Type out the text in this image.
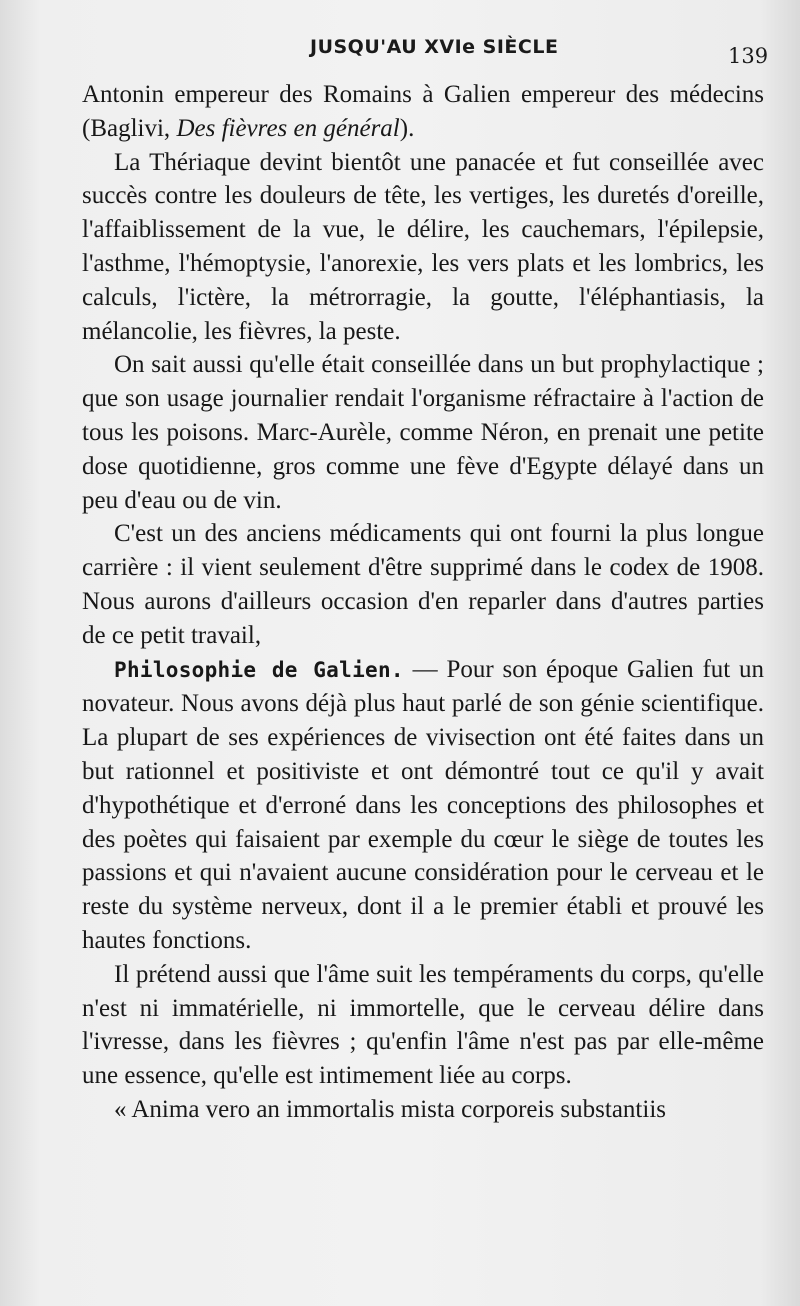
JUSQU'AU XVIe SIÈCLE	139

Antonin empereur des Romains à Galien empereur des médecins (Baglivi, Des fièvres en général).

La Thériaque devint bientôt une panacée et fut conseillée avec succès contre les douleurs de tête, les vertiges, les duretés d'oreille, l'affaiblissement de la vue, le délire, les cauchemars, l'épilepsie, l'asthme, l'hémoptysie, l'anorexie, les vers plats et les lombrics, les calculs, l'ictère, la métrorragie, la goutte, l'éléphantiasis, la mélancolie, les fièvres, la peste.

On sait aussi qu'elle était conseillée dans un but prophylactique ; que son usage journalier rendait l'organisme réfractaire à l'action de tous les poisons. Marc-Aurèle, comme Néron, en prenait une petite dose quotidienne, gros comme une fève d'Egypte délayé dans un peu d'eau ou de vin.

C'est un des anciens médicaments qui ont fourni la plus longue carrière : il vient seulement d'être supprimé dans le codex de 1908. Nous aurons d'ailleurs occasion d'en reparler dans d'autres parties de ce petit travail,

Philosophie de Galien. — Pour son époque Galien fut un novateur. Nous avons déjà plus haut parlé de son génie scientifique. La plupart de ses expériences de vivisection ont été faites dans un but rationnel et positiviste et ont démontré tout ce qu'il y avait d'hypothétique et d'erroné dans les conceptions des philosophes et des poètes qui faisaient par exemple du cœur le siège de toutes les passions et qui n'avaient aucune considération pour le cerveau et le reste du système nerveux, dont il a le premier établi et prouvé les hautes fonctions.

Il prétend aussi que l'âme suit les tempéraments du corps, qu'elle n'est ni immatérielle, ni immortelle, que le cerveau délire dans l'ivresse, dans les fièvres ; qu'enfin l'âme n'est pas par elle-même une essence, qu'elle est intimement liée au corps.

« Anima vero an immortalis mista corporeis substantiis
